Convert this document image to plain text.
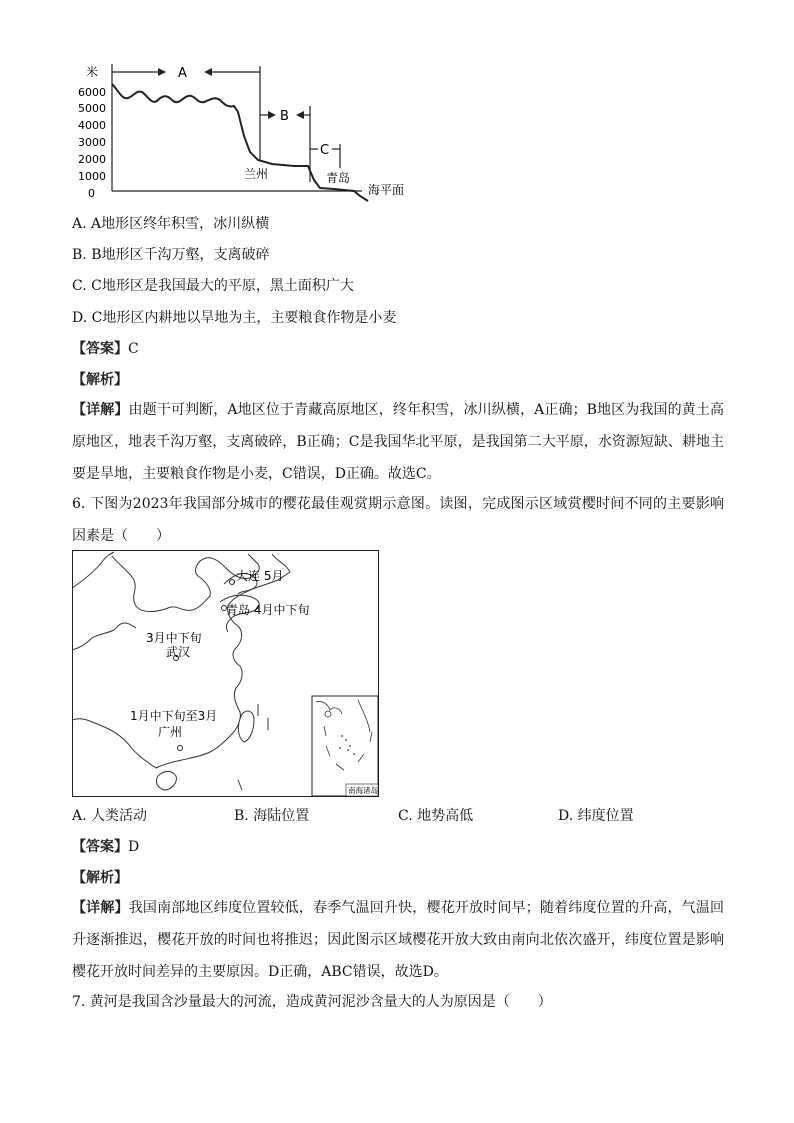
米
6000
5000
4000
3000
2000
1000
0
A
B
C
兰州	青岛
海平面
A. A地形区终年积雪，冰川纵横
B. B地形区千沟万壑，支离破碎
C. C地形区是我国最大的平原，黑土面积广大
D. C地形区内耕地以旱地为主，主要粮食作物是小麦
【答案】C
【解析】
【详解】由题干可判断，A地区位于青藏高原地区，终年积雪，冰川纵横，A正确；B地区为我国的黄土高原地区，地表千沟万壑，支离破碎，B正确；C是我国华北平原，是我国第二大平原，水资源短缺、耕地主要是旱地，主要粮食作物是小麦，C错误，D正确。故选C。
6. 下图为2023年我国部分城市的樱花最佳观赏期示意图。读图，完成图示区域赏樱时间不同的主要影响因素是（　　）
大连 5月
青岛 4月中下旬
3月中下旬
武汉
1月中下旬至3月
广州
南海诸岛
A. 人类活动	B. 海陆位置	C. 地势高低	D. 纬度位置
【答案】D
【解析】
【详解】我国南部地区纬度位置较低，春季气温回升快，樱花开放时间早；随着纬度位置的升高，气温回升逐渐推迟，樱花开放的时间也将推迟；因此图示区域樱花开放大致由南向北依次盛开，纬度位置是影响樱花开放时间差异的主要原因。D正确，ABC错误，故选D。
7. 黄河是我国含沙量最大的河流，造成黄河泥沙含量大的人为原因是（　　）
